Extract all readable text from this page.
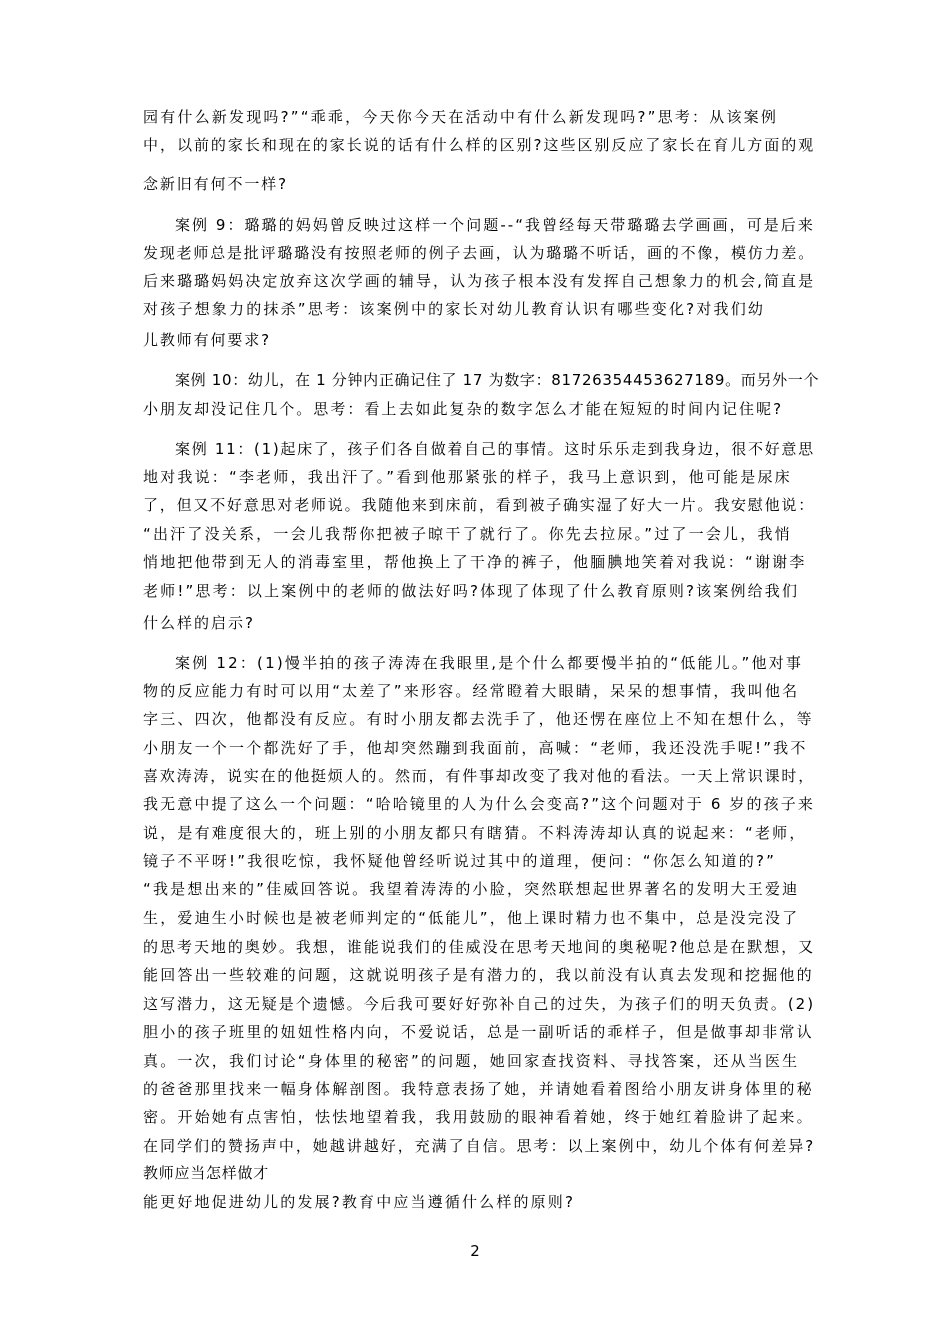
园有什么新发现吗?”“乖乖，今天你今天在活动中有什么新发现吗?”思考：从该案例
中，以前的家长和现在的家长说的话有什么样的区别?这些区别反应了家长在育儿方面的观
念新旧有何不一样?
案例 9：璐璐的妈妈曾反映过这样一个问题--“我曾经每天带璐璐去学画画，可是后来
发现老师总是批评璐璐没有按照老师的例子去画，认为璐璐不听话，画的不像，模仿力差。
后来璐璐妈妈决定放弃这次学画的辅导，认为孩子根本没有发挥自己想象力的机会,简直是
对孩子想象力的抹杀”思考：该案例中的家长对幼儿教育认识有哪些变化?对我们幼
儿教师有何要求?
案例 10：幼儿，在 1 分钟内正确记住了 17 为数字：81726354453627189。而另外一个
小朋友却没记住几个。思考：看上去如此复杂的数字怎么才能在短短的时间内记住呢?
案例 11：(1)起床了，孩子们各自做着自己的事情。这时乐乐走到我身边，很不好意思
地对我说：“李老师，我出汗了。”看到他那紧张的样子，我马上意识到，他可能是尿床
了，但又不好意思对老师说。我随他来到床前，看到被子确实湿了好大一片。我安慰他说：
“出汗了没关系，一会儿我帮你把被子晾干了就行了。你先去拉尿。”过了一会儿，我悄
悄地把他带到无人的消毒室里，帮他换上了干净的裤子，他腼腆地笑着对我说：“谢谢李
老师!”思考：以上案例中的老师的做法好吗?体现了体现了什么教育原则?该案例给我们
什么样的启示?
案例 12：(1)慢半拍的孩子涛涛在我眼里,是个什么都要慢半拍的“低能儿。”他对事
物的反应能力有时可以用“太差了”来形容。经常瞪着大眼睛，呆呆的想事情，我叫他名
字三、四次，他都没有反应。有时小朋友都去洗手了，他还愣在座位上不知在想什么，等
小朋友一个一个都洗好了手，他却突然蹦到我面前，高喊：“老师，我还没洗手呢!”我不
喜欢涛涛，说实在的他挺烦人的。然而，有件事却改变了我对他的看法。一天上常识课时，
我无意中提了这么一个问题：“哈哈镜里的人为什么会变高?”这个问题对于 6 岁的孩子来
说，是有难度很大的，班上别的小朋友都只有瞎猜。不料涛涛却认真的说起来：“老师，
镜子不平呀!”我很吃惊，我怀疑他曾经听说过其中的道理，便问：“你怎么知道的?”
“我是想出来的”佳威回答说。我望着涛涛的小脸，突然联想起世界著名的发明大王爱迪
生，爱迪生小时候也是被老师判定的“低能儿”，他上课时精力也不集中，总是没完没了
的思考天地的奥妙。我想，谁能说我们的佳威没在思考天地间的奥秘呢?他总是在默想，又
能回答出一些较难的问题，这就说明孩子是有潜力的，我以前没有认真去发现和挖掘他的
这写潜力，这无疑是个遗憾。今后我可要好好弥补自己的过失，为孩子们的明天负责。(2)
胆小的孩子班里的妞妞性格内向，不爱说话，总是一副听话的乖样子，但是做事却非常认
真。一次，我们讨论“身体里的秘密”的问题，她回家查找资料、寻找答案，还从当医生
的爸爸那里找来一幅身体解剖图。我特意表扬了她，并请她看着图给小朋友讲身体里的秘
密。开始她有点害怕，怯怯地望着我，我用鼓励的眼神看着她，终于她红着脸讲了起来。
在同学们的赞扬声中，她越讲越好，充满了自信。思考：以上案例中，幼儿个体有何差异?
教师应当怎样做才
能更好地促进幼儿的发展?教育中应当遵循什么样的原则?
2
